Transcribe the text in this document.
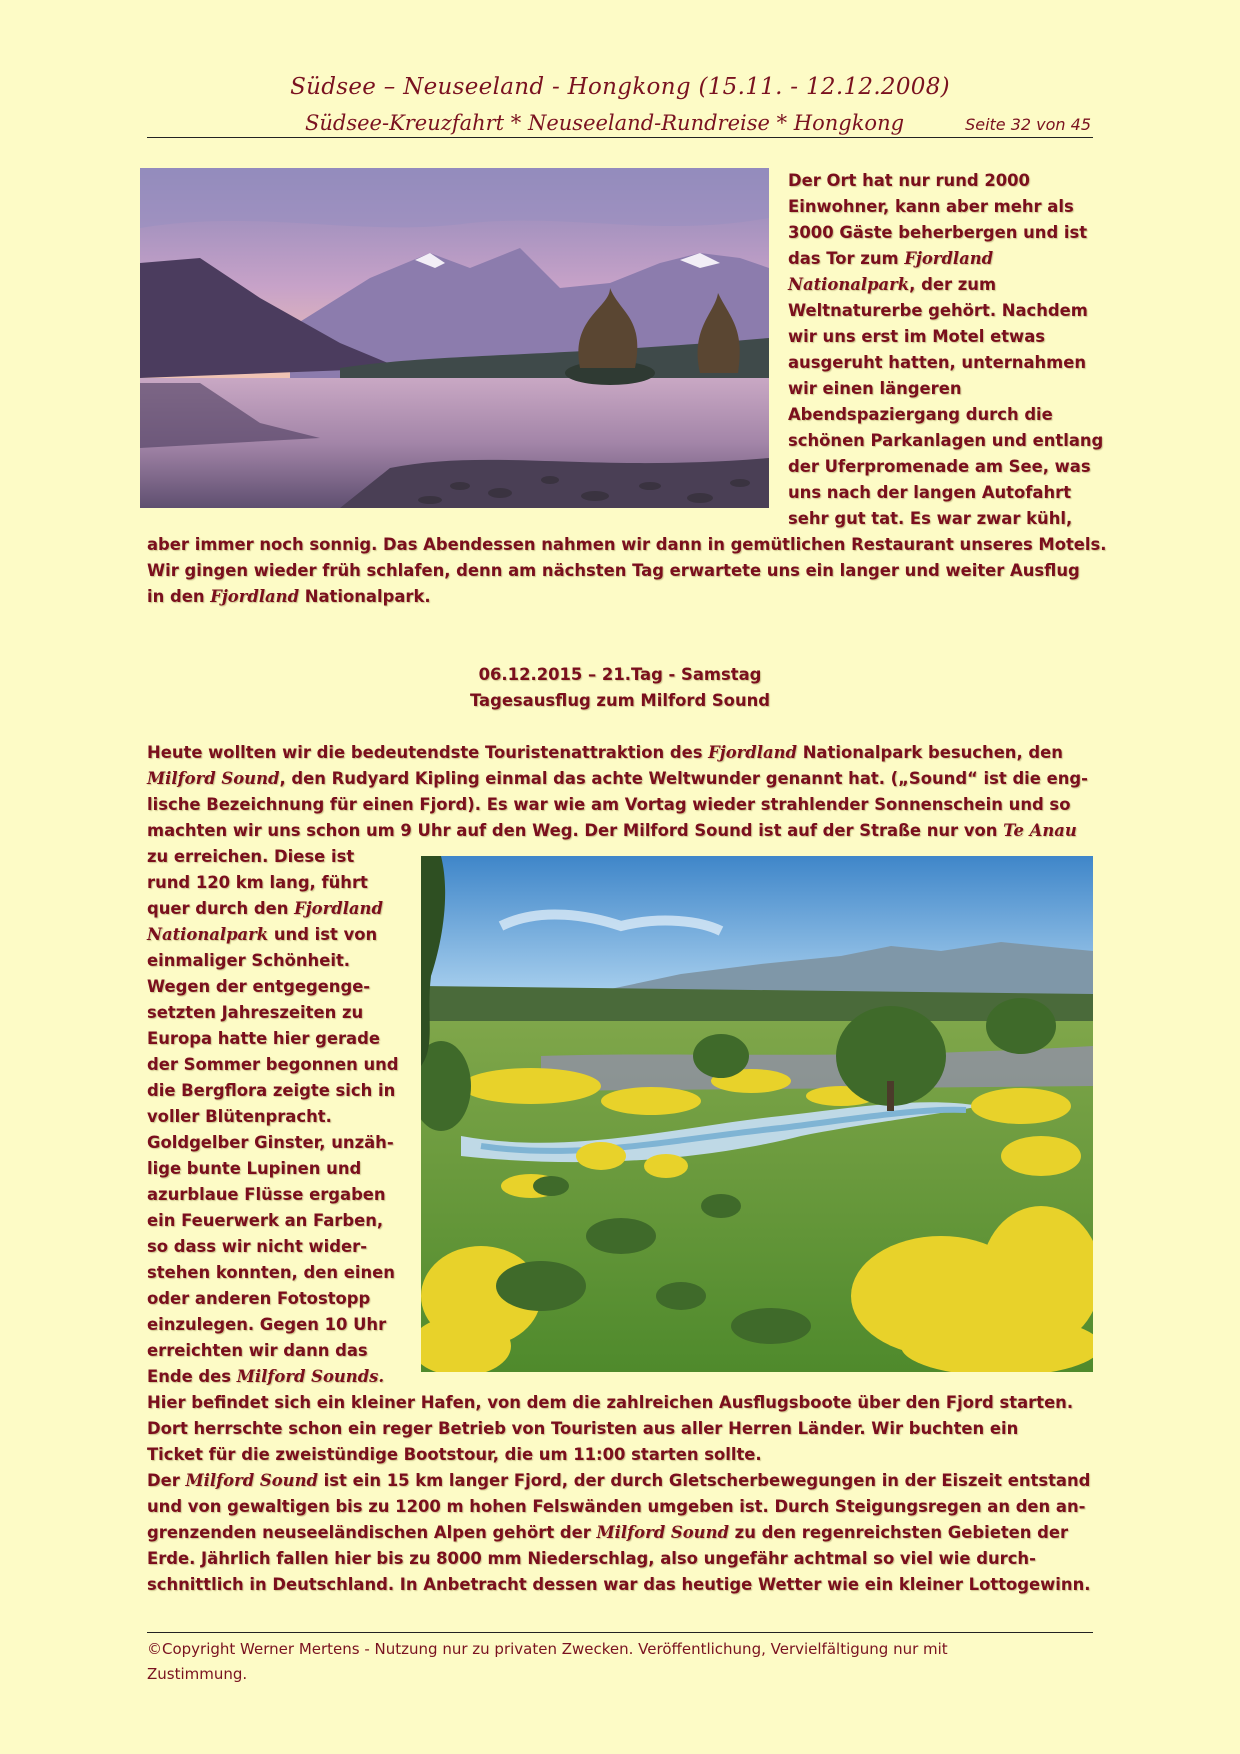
Südsee – Neuseeland - Hongkong (15.11. - 12.12.2008)
Südsee-Kreuzfahrt * Neuseeland-Rundreise * Hongkong	Seite 32 von 45
Der Ort hat nur rund 2000
Einwohner, kann aber mehr als
3000 Gäste beherbergen und ist
das Tor zum Fjordland
Nationalpark, der zum
Weltnaturerbe gehört. Nachdem
wir uns erst im Motel etwas
ausgeruht hatten, unternahmen
wir einen längeren
Abendspaziergang durch die
schönen Parkanlagen und entlang
der Uferpromenade am See, was
uns nach der langen Autofahrt
sehr gut tat. Es war zwar kühl,
aber immer noch sonnig. Das Abendessen nahmen wir dann in gemütlichen Restaurant unseres Motels.
Wir gingen wieder früh schlafen, denn am nächsten Tag erwartete uns ein langer und weiter Ausflug
in den Fjordland Nationalpark.
06.12.2015 – 21.Tag - Samstag
Tagesausflug zum Milford Sound
Heute wollten wir die bedeutendste Touristenattraktion des Fjordland Nationalpark besuchen, den
Milford Sound, den Rudyard Kipling einmal das achte Weltwunder genannt hat. („Sound“ ist die eng-
lische Bezeichnung für einen Fjord). Es war wie am Vortag wieder strahlender Sonnenschein und so
machten wir uns schon um 9 Uhr auf den Weg. Der Milford Sound ist auf der Straße nur von Te Anau
zu erreichen. Diese ist
rund 120 km lang, führt
quer durch den Fjordland
Nationalpark und ist von
einmaliger Schönheit.
Wegen der entgegenge-
setzten Jahreszeiten zu
Europa hatte hier gerade
der Sommer begonnen und
die Bergflora zeigte sich in
voller Blütenpracht.
Goldgelber Ginster, unzäh-
lige bunte Lupinen und
azurblaue Flüsse ergaben
ein Feuerwerk an Farben,
so dass wir nicht wider-
stehen konnten, den einen
oder anderen Fotostopp
einzulegen. Gegen 10 Uhr
erreichten wir dann das
Ende des Milford Sounds.
Hier befindet sich ein kleiner Hafen, von dem die zahlreichen Ausflugsboote über den Fjord starten.
Dort herrschte schon ein reger Betrieb von Touristen aus aller Herren Länder. Wir buchten ein
Ticket für die zweistündige Bootstour, die um 11:00 starten sollte.
Der Milford Sound ist ein 15 km langer Fjord, der durch Gletscherbewegungen in der Eiszeit entstand
und von gewaltigen bis zu 1200 m hohen Felswänden umgeben ist. Durch Steigungsregen an den an-
grenzenden neuseeländischen Alpen gehört der Milford Sound zu den regenreichsten Gebieten der
Erde. Jährlich fallen hier bis zu 8000 mm Niederschlag, also ungefähr achtmal so viel wie durch-
schnittlich in Deutschland. In Anbetracht dessen war das heutige Wetter wie ein kleiner Lottogewinn.
©Copyright Werner Mertens - Nutzung nur zu privaten Zwecken. Veröffentlichung, Vervielfältigung nur mit
Zustimmung.
